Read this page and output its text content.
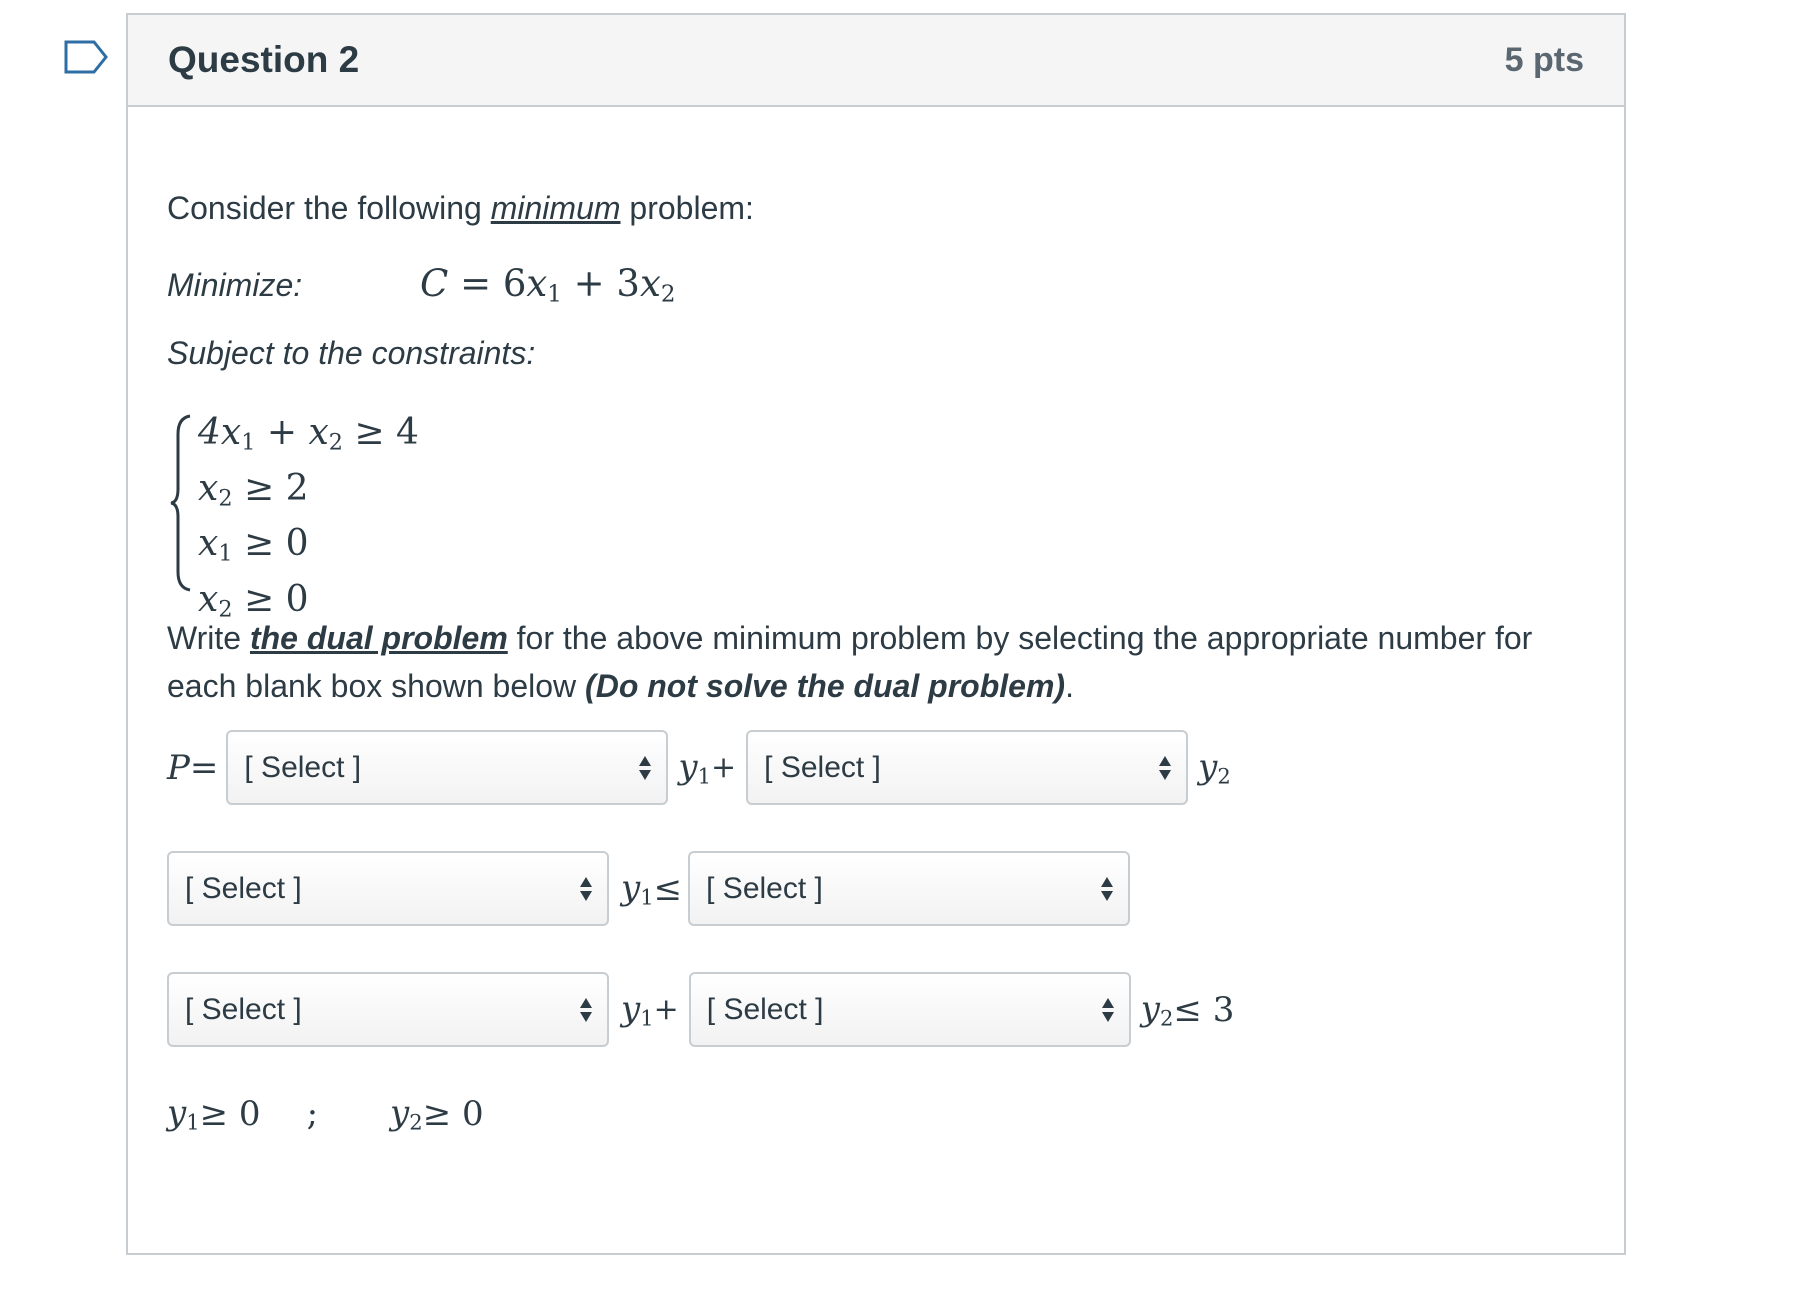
Question 2	5 pts
Consider the following minimum problem:
Minimize:	$C = 6x_1 + 3x_2$
Subject to the constraints:
$4x_1 + x_2 \ge 4$
$x_2 \ge 2$
$x_1 \ge 0$
$x_2 \ge 0$
Write the dual problem for the above minimum problem by selecting the appropriate number for each blank box shown below (Do not solve the dual problem).
P = [ Select ]	$y_1$ + [ Select ]	$y_2$
[ Select ]	$y_1$ ≤ [ Select ]
[ Select ]	$y_1$ + [ Select ]	$y_2 \le 3$
$y_1 \ge 0$ ; $y_2 \ge 0$
